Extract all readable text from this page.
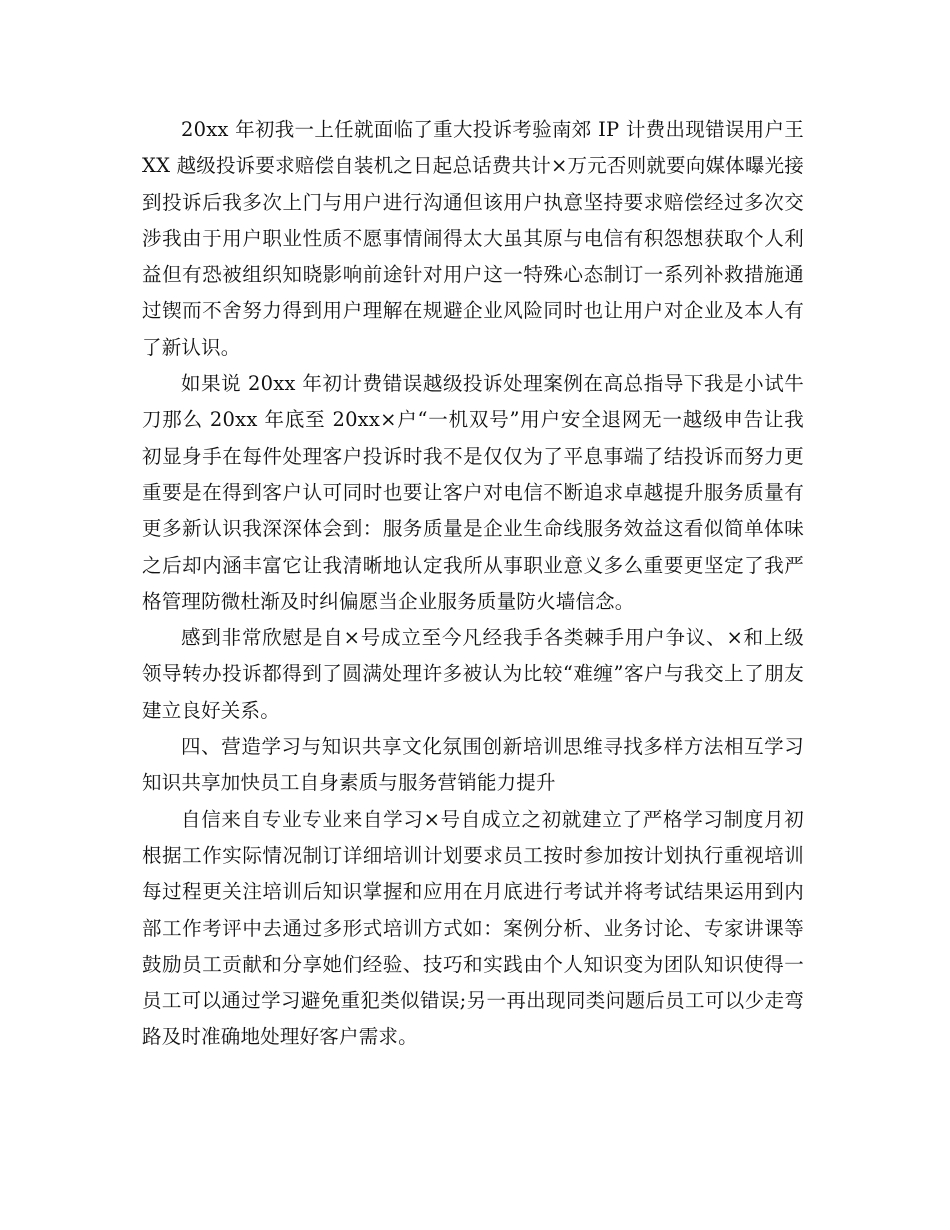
20xx 年初我一上任就面临了重大投诉考验南郊 IP 计费出现错误用户王 XX 越级投诉要求赔偿自装机之日起总话费共计×万元否则就要向媒体曝光接到投诉后我多次上门与用户进行沟通但该用户执意坚持要求赔偿经过多次交涉我由于用户职业性质不愿事情闹得太大虽其原与电信有积怨想获取个人利益但有恐被组织知晓影响前途针对用户这一特殊心态制订一系列补救措施通过锲而不舍努力得到用户理解在规避企业风险同时也让用户对企业及本人有了新认识。

如果说 20xx 年初计费错误越级投诉处理案例在高总指导下我是小试牛刀那么 20xx 年底至 20xx×户“一机双号”用户安全退网无一越级申告让我初显身手在每件处理客户投诉时我不是仅仅为了平息事端了结投诉而努力更重要是在得到客户认可同时也要让客户对电信不断追求卓越提升服务质量有更多新认识我深深体会到：服务质量是企业生命线服务效益这看似简单体味之后却内涵丰富它让我清晰地认定我所从事职业意义多么重要更坚定了我严格管理防微杜渐及时纠偏愿当企业服务质量防火墙信念。

感到非常欣慰是自×号成立至今凡经我手各类棘手用户争议、×和上级领导转办投诉都得到了圆满处理许多被认为比较“难缠”客户与我交上了朋友建立良好关系。

四、营造学习与知识共享文化氛围创新培训思维寻找多样方法相互学习知识共享加快员工自身素质与服务营销能力提升

自信来自专业专业来自学习×号自成立之初就建立了严格学习制度月初根据工作实际情况制订详细培训计划要求员工按时参加按计划执行重视培训每过程更关注培训后知识掌握和应用在月底进行考试并将考试结果运用到内部工作考评中去通过多形式培训方式如：案例分析、业务讨论、专家讲课等鼓励员工贡献和分享她们经验、技巧和实践由个人知识变为团队知识使得一员工可以通过学习避免重犯类似错误;另一再出现同类问题后员工可以少走弯路及时准确地处理好客户需求。
